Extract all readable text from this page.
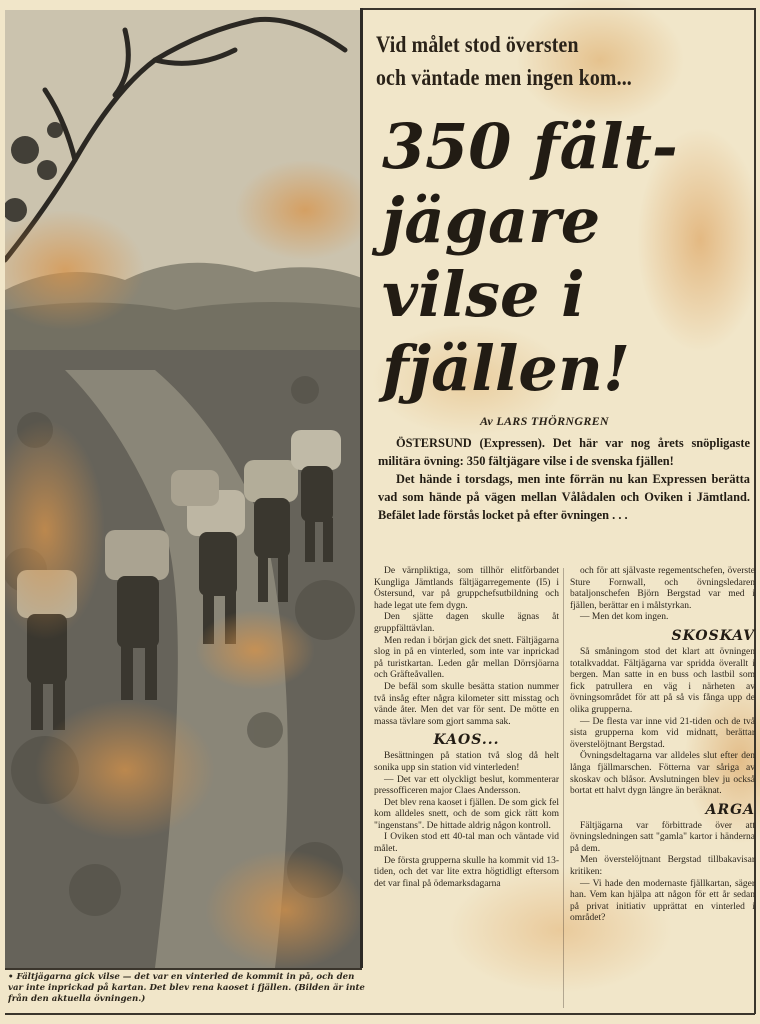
• Fältjägarna gick vilse — det var en vinterled de kommit in på, och den var inte inprickad på kartan. Det blev rena kaoset i fjällen. (Bilden är inte från den aktuella övningen.)
Vid målet stod översten
och väntade men ingen kom...
350 fält-
jägare
vilse i
fjällen!
Av LARS THÖRNGREN

ÖSTERSUND (Expressen). Det här var nog årets snöpligaste militära övning: 350 fältjägare vilse i de svenska fjällen!

Det hände i torsdags, men inte förrän nu kan Expressen berätta vad som hände på vägen mellan Vålådalen och Oviken i Jämtland. Befälet lade förstås locket på efter övningen . . .

De värnpliktiga, som tillhör elitförbandet Kungliga Jämtlands fältjägarregemente (I5) i Östersund, var på gruppchefsutbildning och hade legat ute fem dygn.

Den sjätte dagen skulle ägnas åt gruppfälttävlan.

Men redan i början gick det snett. Fältjägarna slog in på en vinterled, som inte var inprickad på turistkartan. Leden går mellan Dörrsjöarna och Gräfteåvallen.

De befäl som skulle besätta station nummer två insåg efter några kilometer sitt misstag och vände åter. Men det var för sent. De mötte en massa tävlare som gjort samma sak.

KAOS...

Besättningen på station två slog då helt sonika upp sin station vid vinterleden!

— Det var ett olyckligt beslut, kommenterar pressofficeren major Claes Andersson.

Det blev rena kaoset i fjällen. De som gick fel kom alldeles snett, och de som gick rätt kom "ingenstans". De hittade aldrig någon kontroll.

I Oviken stod ett 40-tal man och väntade vid målet.

De första grupperna skulle ha kommit vid 13-tiden, och det var lite extra högtidligt eftersom det var final på ödemarksdagarna

och för att självaste regementschefen, överste Sture Fornwall, och övningsledaren bataljonschefen Björn Bergstad var med i fjällen, berättar en i målstyrkan.

— Men det kom ingen.

SKOSKAV

Så småningom stod det klart att övningen totalkvaddat. Fältjägarna var spridda överallt i bergen. Man satte in en buss och lastbil som fick patrullera en väg i närheten av övningsområdet för att på så vis fånga upp de olika grupperna.

— De flesta var inne vid 21-tiden och de två sista grupperna kom vid midnatt, berättar överstelöjtnant Bergstad.

Övningsdeltagarna var alldeles slut efter den långa fjällmarschen. Fötterna var såriga av skoskav och blåsor. Avslutningen blev ju också bortat ett halvt dygn längre än beräknat.

ARGA

Fältjägarna var förbittrade över att övningsledningen satt "gamla" kartor i händerna på dem.

Men överstelöjtnant Bergstad tillbakavisar kritiken:

— Vi hade den modernaste fjällkartan, säger han. Vem kan hjälpa att någon för ett år sedan på privat initiativ upprättat en vinterled i området?
